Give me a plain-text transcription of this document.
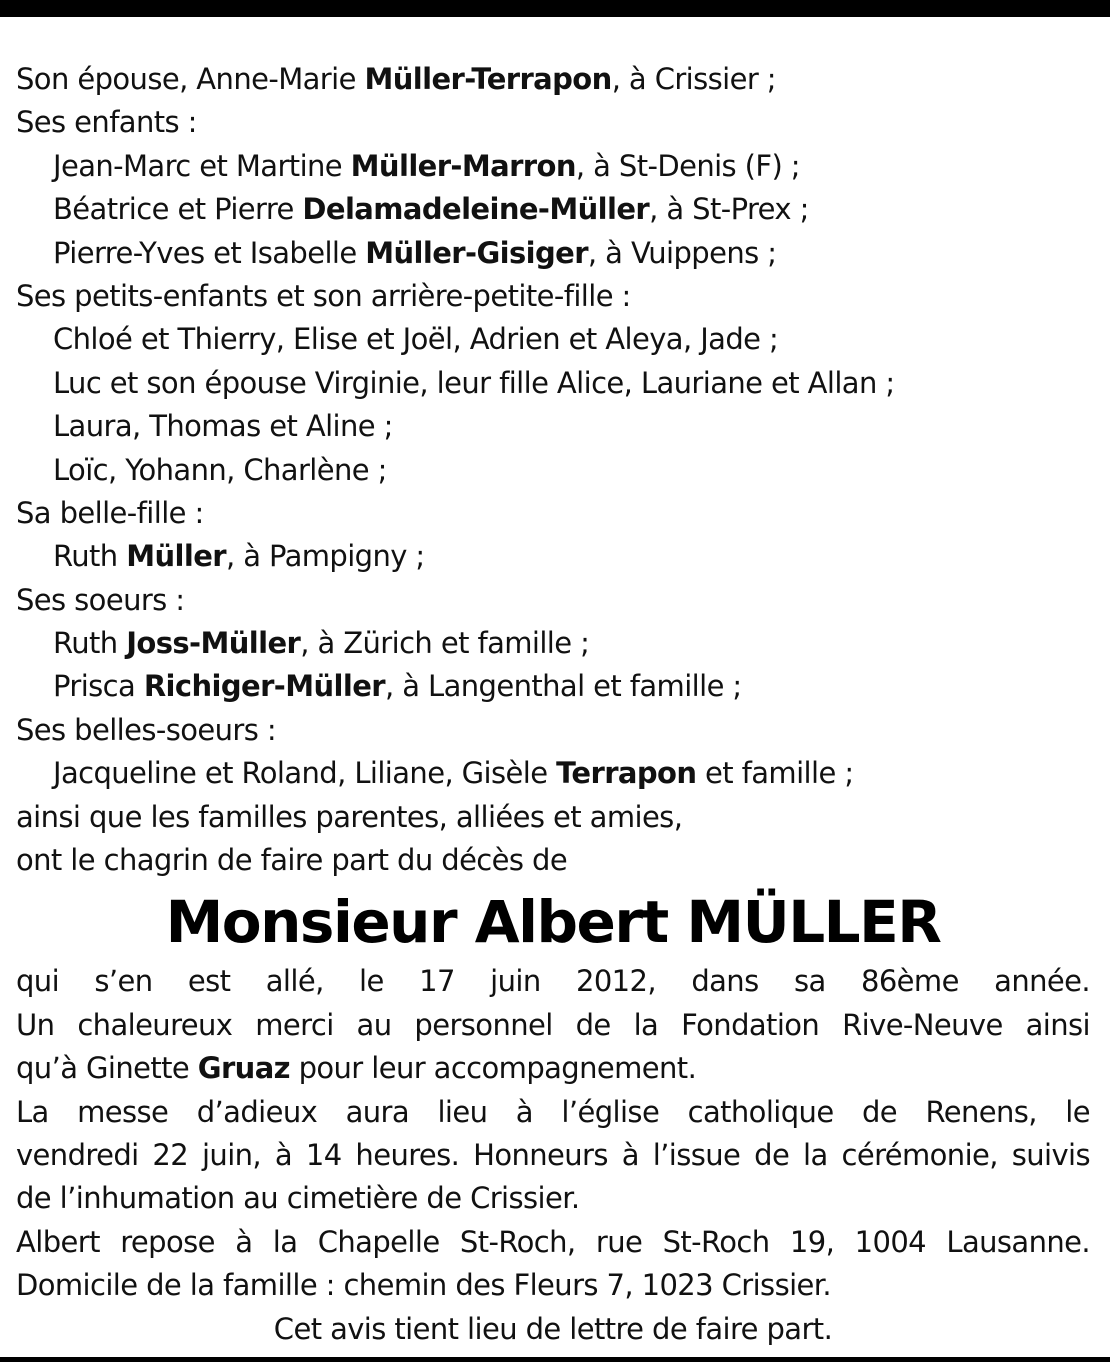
Son épouse, Anne-Marie Müller-Terrapon, à Crissier ;
Ses enfants :
Jean-Marc et Martine Müller-Marron, à St-Denis (F) ;
Béatrice et Pierre Delamadeleine-Müller, à St-Prex ;
Pierre-Yves et Isabelle Müller-Gisiger, à Vuippens ;
Ses petits-enfants et son arrière-petite-fille :
Chloé et Thierry, Elise et Joël, Adrien et Aleya, Jade ;
Luc et son épouse Virginie, leur fille Alice, Lauriane et Allan ;
Laura, Thomas et Aline ;
Loïc, Yohann, Charlène ;
Sa belle-fille :
Ruth Müller, à Pampigny ;
Ses soeurs :
Ruth Joss-Müller, à Zürich et famille ;
Prisca Richiger-Müller, à Langenthal et famille ;
Ses belles-soeurs :
Jacqueline et Roland, Liliane, Gisèle Terrapon et famille ;
ainsi que les familles parentes, alliées et amies,
ont le chagrin de faire part du décès de
Monsieur Albert MÜLLER
qui s’en est allé, le 17 juin 2012, dans sa 86ème année.
Un chaleureux merci au personnel de la Fondation Rive-Neuve ainsi
qu’à Ginette Gruaz pour leur accompagnement.
La messe d’adieux aura lieu à l’église catholique de Renens, le
vendredi 22 juin, à 14 heures. Honneurs à l’issue de la cérémonie, suivis
de l’inhumation au cimetière de Crissier.
Albert repose à la Chapelle St-Roch, rue St-Roch 19, 1004 Lausanne.
Domicile de la famille : chemin des Fleurs 7, 1023 Crissier.
Cet avis tient lieu de lettre de faire part.
